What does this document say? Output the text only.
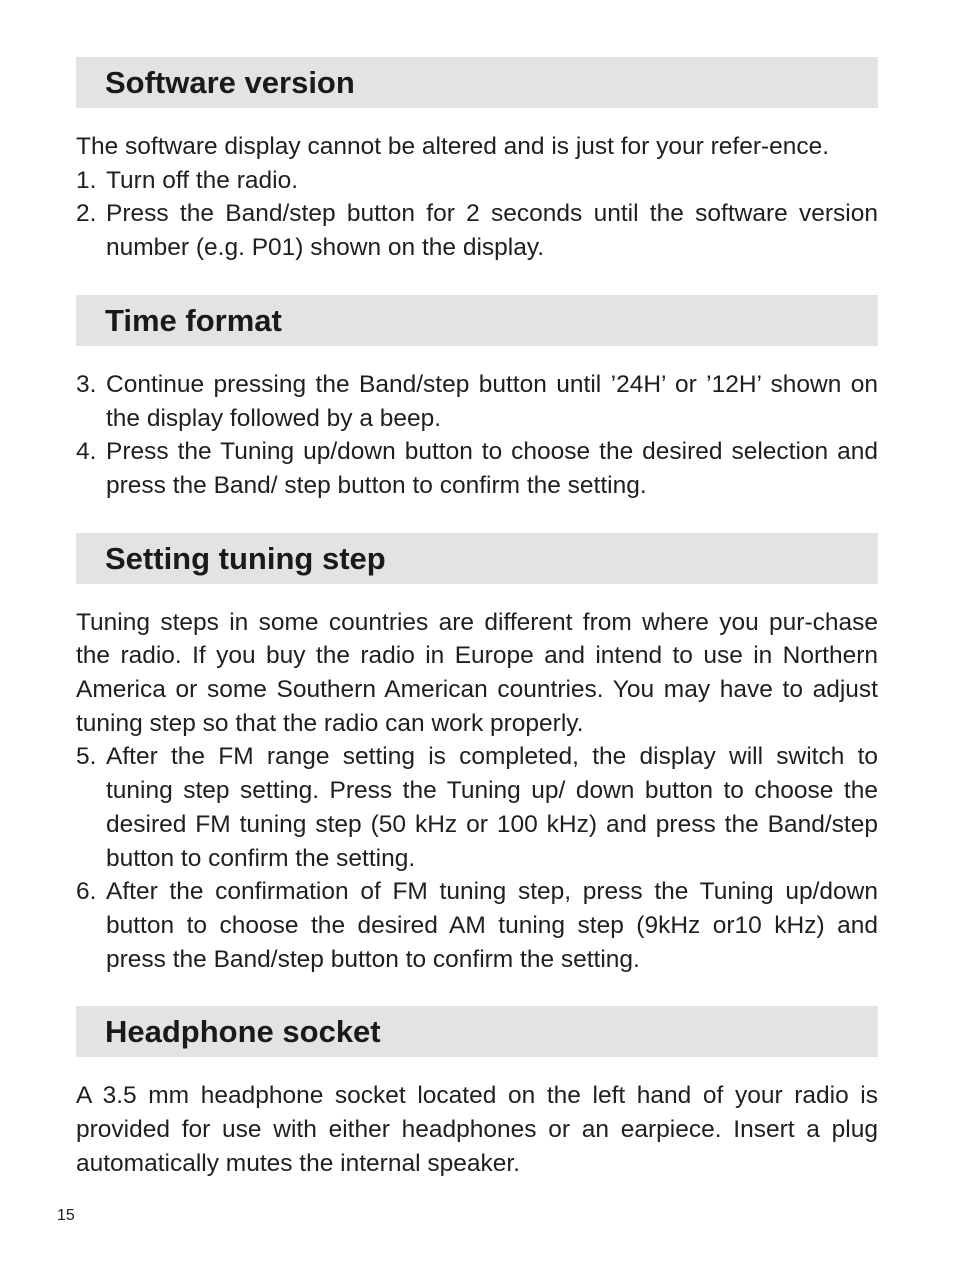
Software version

The software display cannot be altered and is just for your refer-ence.

1. Turn off the radio.
2. Press the Band/step button for 2 seconds until the software version number (e.g. P01) shown on the display.
Time format
3. Continue pressing the Band/step button until ’24H’ or ’12H’ shown on the display followed by a beep.
4. Press the Tuning up/down button to choose the desired selection and press the Band/ step button to confirm the setting.
Setting tuning step

Tuning steps in some countries are different from where you pur-chase the radio. If you buy the radio in Europe and intend to use in Northern America or some Southern American countries. You may have to adjust tuning step so that the radio can work properly.

5. After the FM range setting is completed, the display will switch to tuning step setting. Press the Tuning up/ down button to choose the desired FM tuning step (50 kHz or 100 kHz) and press the Band/step button to confirm the setting.
6. After the confirmation of FM tuning step, press the Tuning up/down button to choose the desired AM tuning step (9kHz or10 kHz) and press the Band/step button to confirm the setting.
Headphone socket

A 3.5 mm headphone socket located on the left hand of your radio is provided for use with either headphones or an earpiece. Insert a plug automatically mutes the internal speaker.

15
